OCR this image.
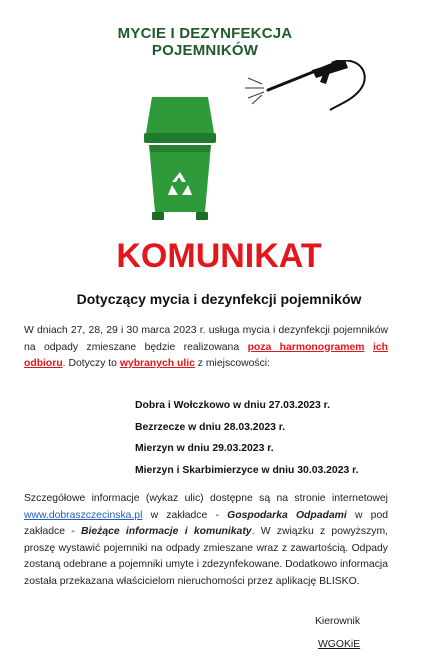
MYCIE I DEZYNFEKCJA
POJEMNIKÓW
KOMUNIKAT
Dotyczący mycia i dezynfekcji pojemników
W dniach 27, 28, 29 i 30 marca 2023 r. usługa mycia i dezynfekcji pojemników na odpady zmieszane będzie realizowana poza harmonogramem ich odbioru. Dotyczy to wybranych ulic z miejscowości:
Dobra i Wołczkowo w dniu 27.03.2023 r.
Bezrzecze w dniu 28.03.2023 r.
Mierzyn w dniu 29.03.2023 r.
Mierzyn i Skarbimierzyce w dniu 30.03.2023 r.
Szczegółowe informacje (wykaz ulic) dostępne są na stronie internetowej www.dobraszczecinska.pl w zakładce - Gospodarka Odpadami w pod zakładce - Bieżące informacje i komunikaty. W związku z powyższym, proszę wystawić pojemniki na odpady zmieszane wraz z zawartością. Odpady zostaną odebrane a pojemniki umyte i zdezynfekowane. Dodatkowo informacja została przekazana właścicielom nieruchomości przez aplikację BLISKO.
Kierownik
WGOKiE
